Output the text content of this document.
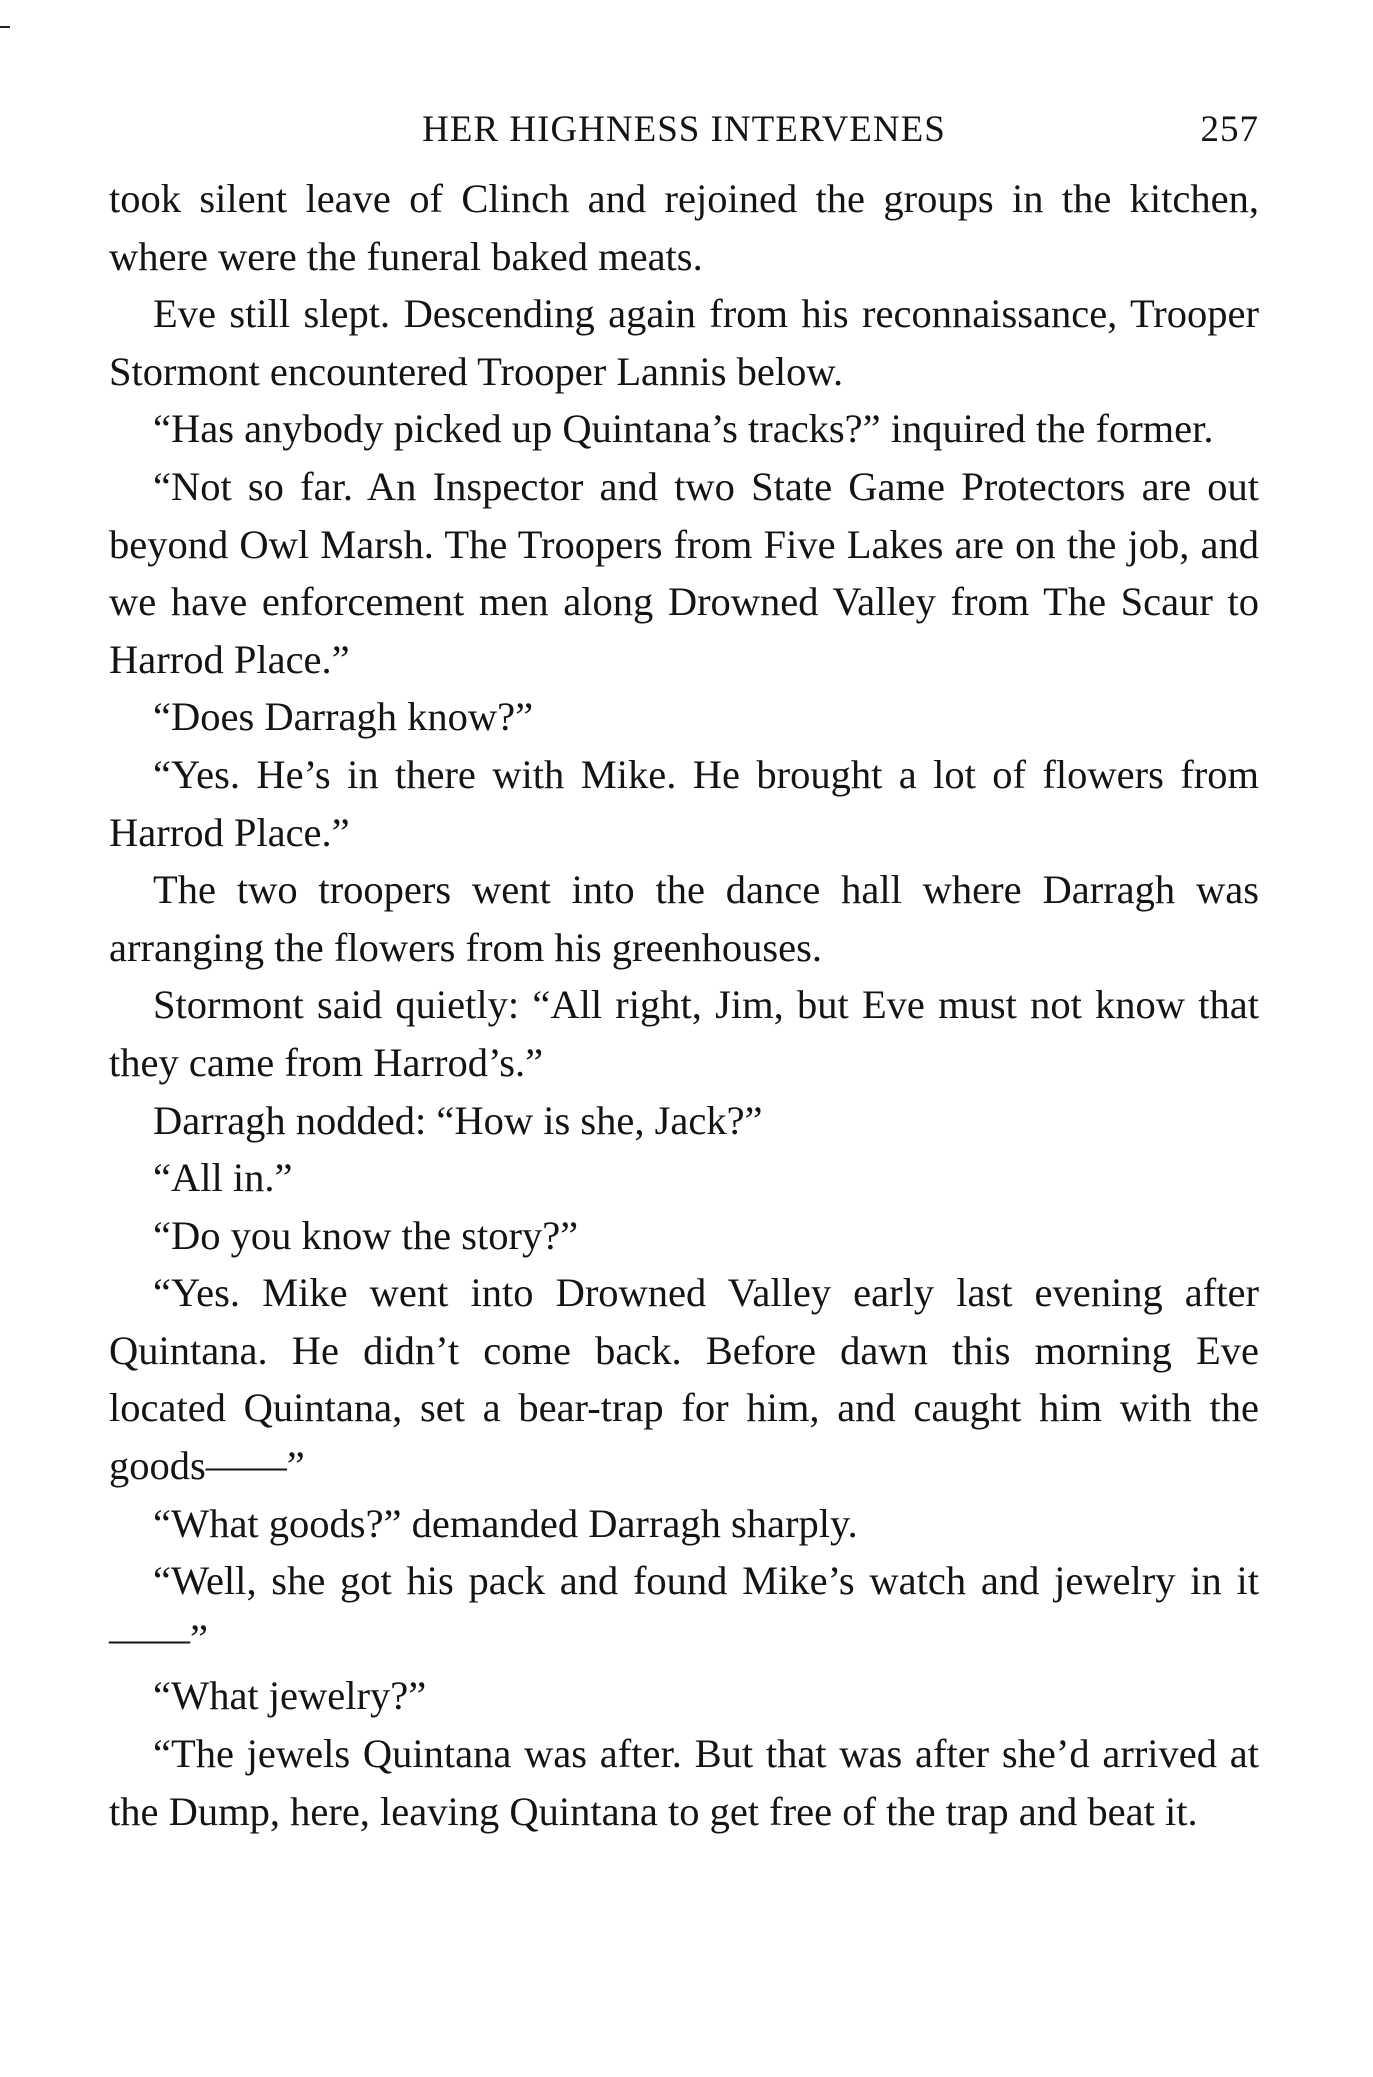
HER HIGHNESS INTERVENES	257

took silent leave of Clinch and rejoined the groups in the kitchen, where were the funeral baked meats.

Eve still slept. Descending again from his reconnaissance, Trooper Stormont encountered Trooper Lannis below.

“Has anybody picked up Quintana’s tracks?” inquired the former.

“Not so far. An Inspector and two State Game Protectors are out beyond Owl Marsh. The Troopers from Five Lakes are on the job, and we have enforcement men along Drowned Valley from The Scaur to Harrod Place.”

“Does Darragh know?”

“Yes. He’s in there with Mike. He brought a lot of flowers from Harrod Place.”

The two troopers went into the dance hall where Darragh was arranging the flowers from his greenhouses.

Stormont said quietly: “All right, Jim, but Eve must not know that they came from Harrod’s.”

Darragh nodded: “How is she, Jack?”

“All in.”

“Do you know the story?”

“Yes. Mike went into Drowned Valley early last evening after Quintana. He didn’t come back. Before dawn this morning Eve located Quintana, set a bear-trap for him, and caught him with the goods——”

“What goods?” demanded Darragh sharply.

“Well, she got his pack and found Mike’s watch and jewelry in it——”

“What jewelry?”

“The jewels Quintana was after. But that was after she’d arrived at the Dump, here, leaving Quintana to get free of the trap and beat it.
